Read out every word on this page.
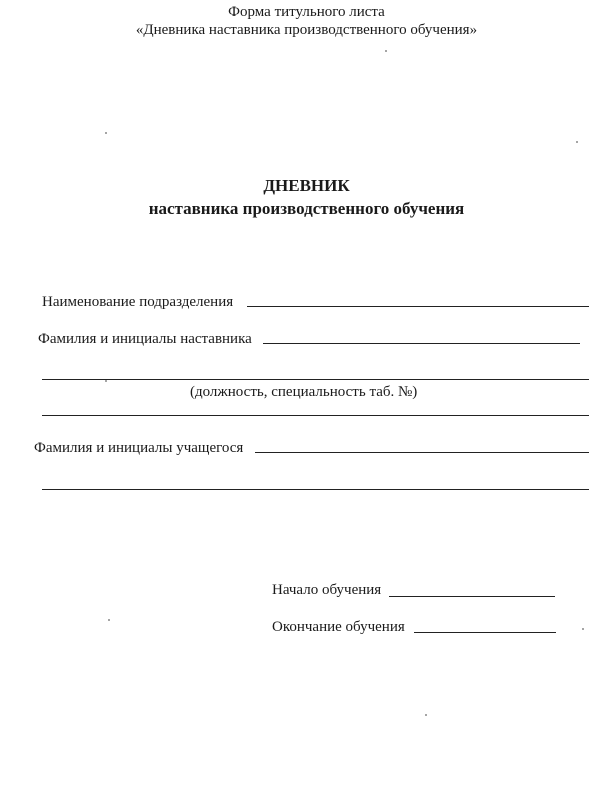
Форма титульного листа
«Дневника наставника производственного обучения»
ДНЕВНИК
наставника производственного обучения
Наименование подразделения
Фамилия и инициалы наставника
(должность, специальность таб. №)
Фамилия и инициалы учащегося
Начало обучения
Окончание обучения
